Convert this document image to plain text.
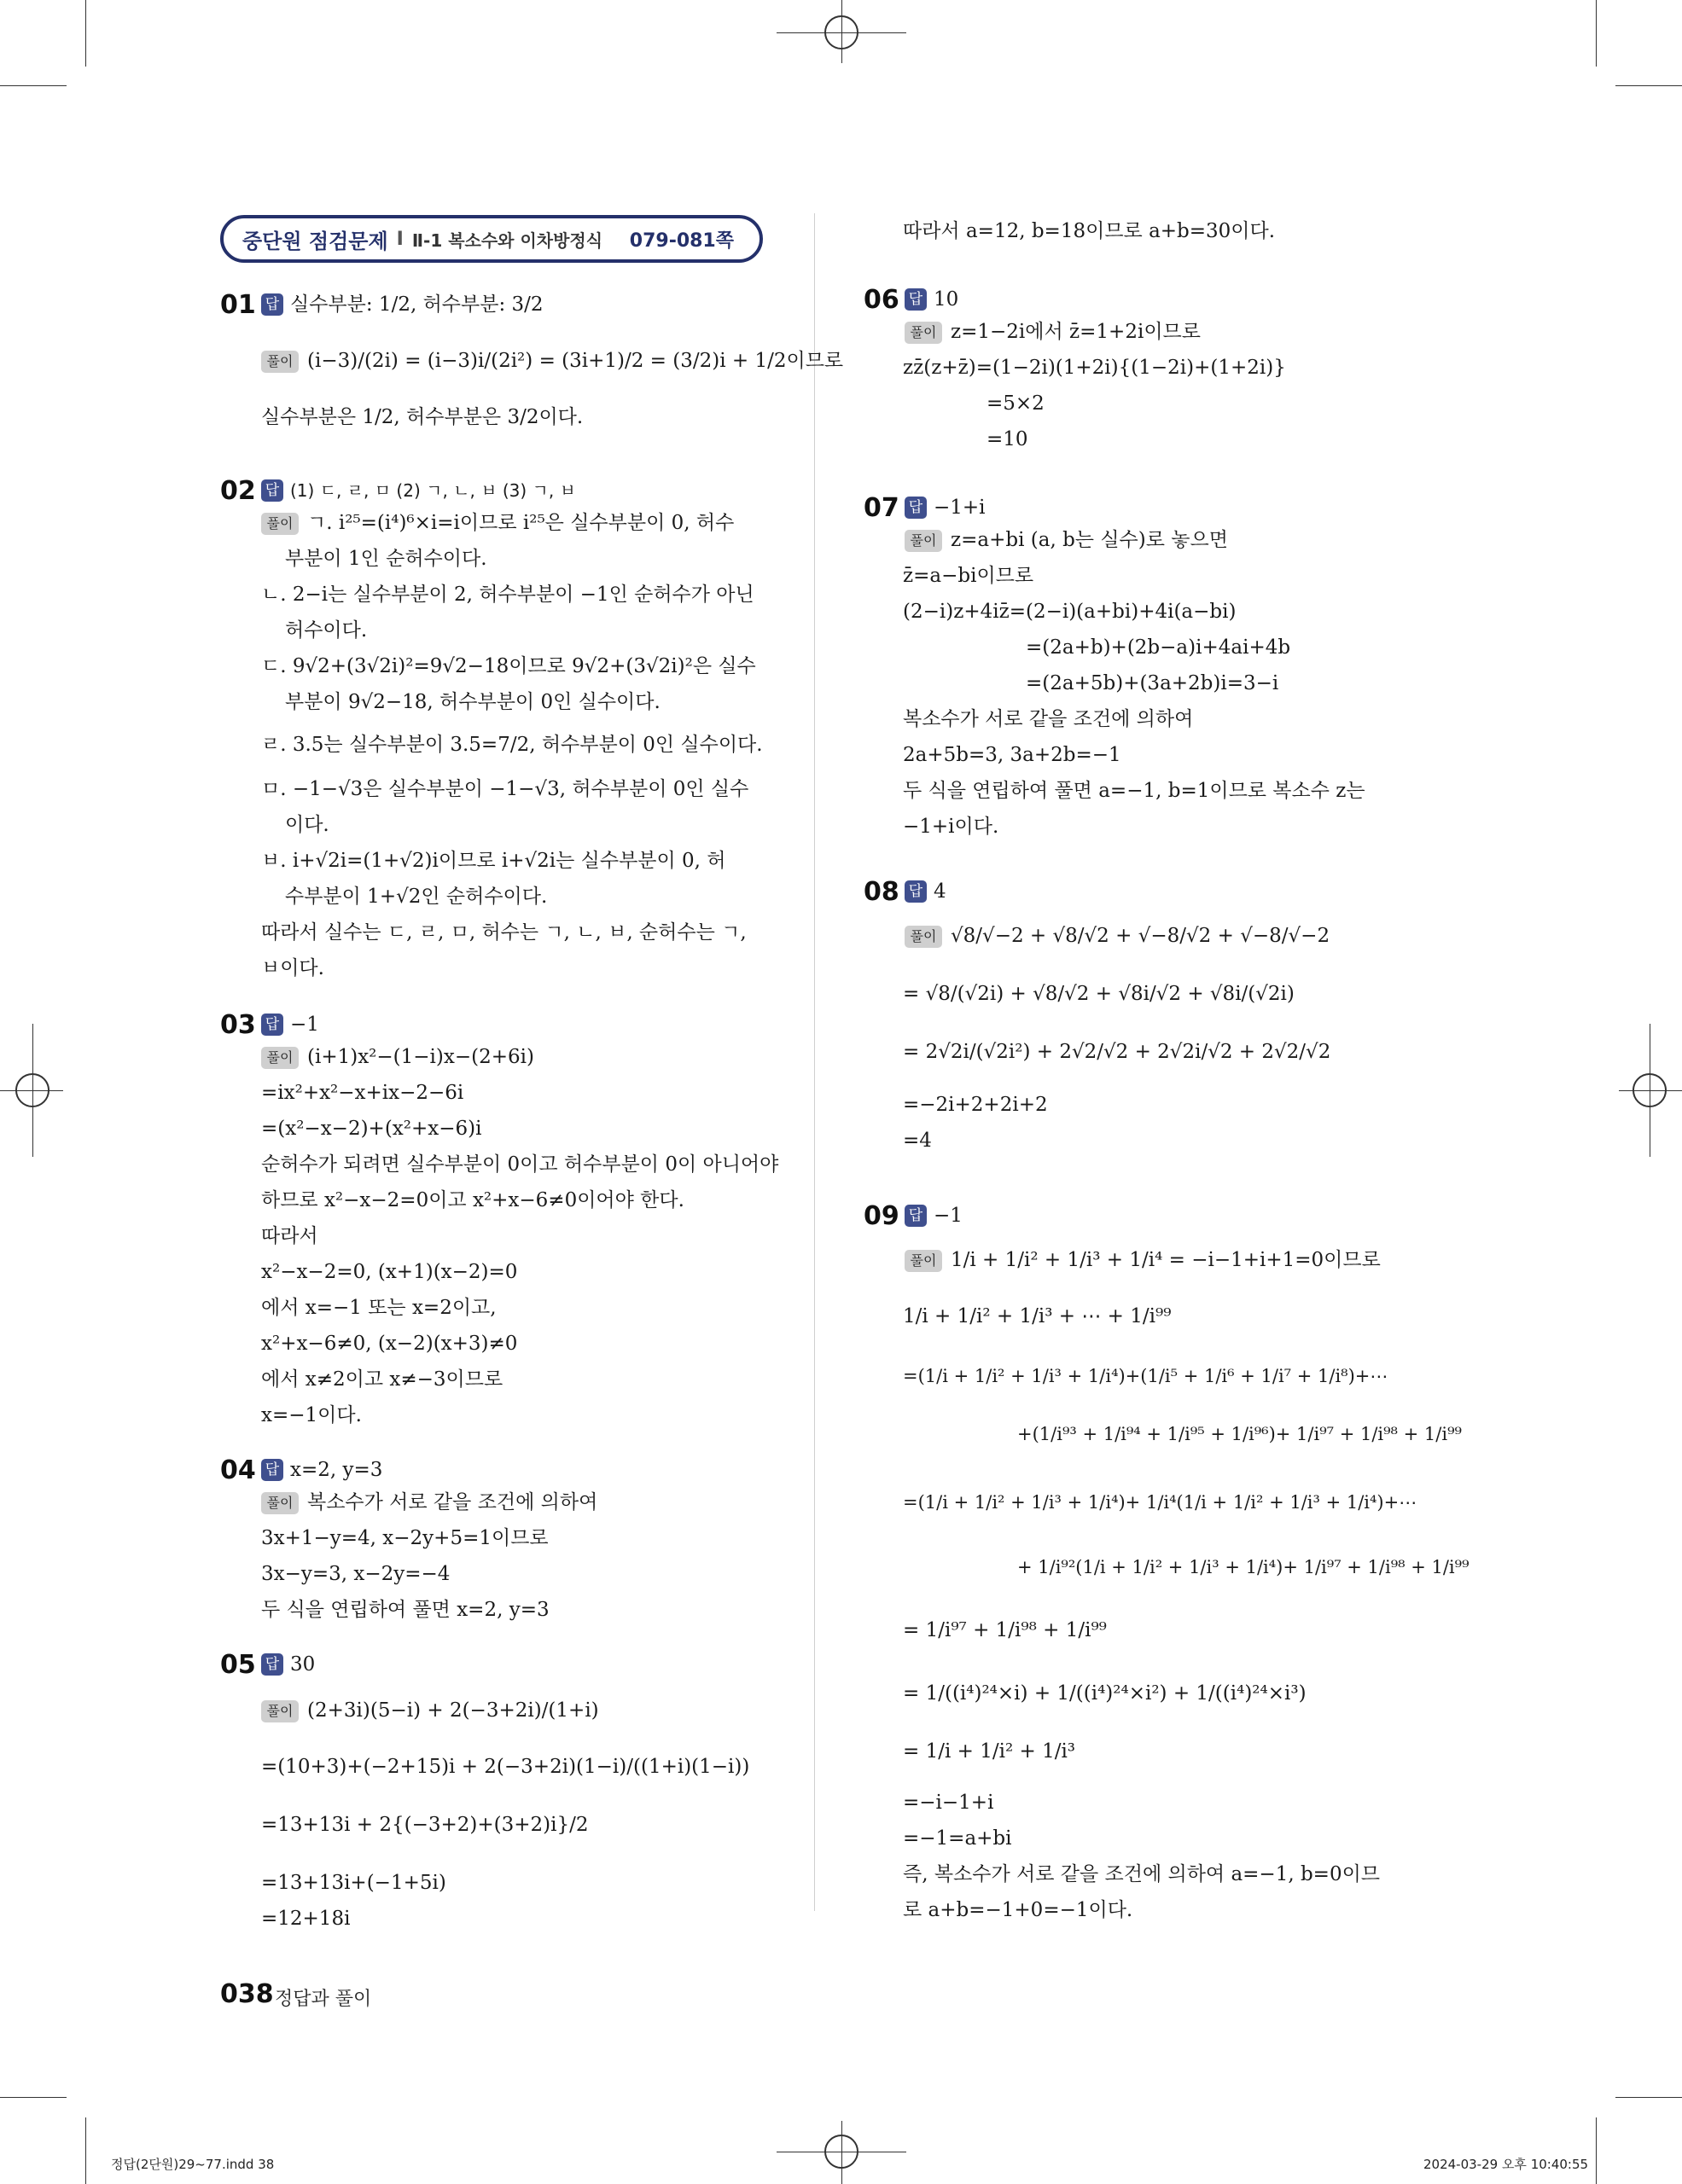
중단원 점검문제 I Ⅱ-1 복소수와 이차방정식 079-081쪽
01 답 실수부분: 1/2, 허수부분: 3/2
풀이 (i−3)/(2i) = (i−3)i/(2i²) = (3i+1)/2 = (3/2)i + 1/2이므로
실수부분은 1/2, 허수부분은 3/2이다.
02 답 (1) ㄷ, ㄹ, ㅁ (2) ㄱ, ㄴ, ㅂ (3) ㄱ, ㅂ
풀이 ㄱ. i²⁵=(i⁴)⁶×i=i이므로 i²⁵은 실수부분이 0, 허수
부분이 1인 순허수이다.
ㄴ. 2−i는 실수부분이 2, 허수부분이 −1인 순허수가 아닌
허수이다.
ㄷ. 9√2+(3√2i)²=9√2−18이므로 9√2+(3√2i)²은 실수
부분이 9√2−18, 허수부분이 0인 실수이다.
ㄹ. 3.5는 실수부분이 3.5=7/2, 허수부분이 0인 실수이다.
ㅁ. −1−√3은 실수부분이 −1−√3, 허수부분이 0인 실수
이다.
ㅂ. i+√2i=(1+√2)i이므로 i+√2i는 실수부분이 0, 허
수부분이 1+√2인 순허수이다.
따라서 실수는 ㄷ, ㄹ, ㅁ, 허수는 ㄱ, ㄴ, ㅂ, 순허수는 ㄱ,
ㅂ이다.
03 답 −1
풀이 (i+1)x²−(1−i)x−(2+6i)
=ix²+x²−x+ix−2−6i
=(x²−x−2)+(x²+x−6)i
순허수가 되려면 실수부분이 0이고 허수부분이 0이 아니어야
하므로 x²−x−2=0이고 x²+x−6≠0이어야 한다.
따라서
x²−x−2=0, (x+1)(x−2)=0
에서 x=−1 또는 x=2이고,
x²+x−6≠0, (x−2)(x+3)≠0
에서 x≠2이고 x≠−3이므로
x=−1이다.
04 답 x=2, y=3
풀이 복소수가 서로 같을 조건에 의하여
3x+1−y=4, x−2y+5=1이므로
3x−y=3, x−2y=−4
두 식을 연립하여 풀면 x=2, y=3
05 답 30
풀이 (2+3i)(5−i) + 2(−3+2i)/(1+i)
=(10+3)+(−2+15)i + 2(−3+2i)(1−i)/((1+i)(1−i))
=13+13i + 2{(−3+2)+(3+2)i}/2
=13+13i+(−1+5i)
=12+18i
따라서 a=12, b=18이므로 a+b=30이다.
06 답 10
풀이 z=1−2i에서 z̄=1+2i이므로
zz̄(z+z̄)=(1−2i)(1+2i){(1−2i)+(1+2i)}
=5×2
=10
07 답 −1+i
풀이 z=a+bi (a, b는 실수)로 놓으면
z̄=a−bi이므로
(2−i)z+4iz̄=(2−i)(a+bi)+4i(a−bi)
=(2a+b)+(2b−a)i+4ai+4b
=(2a+5b)+(3a+2b)i=3−i
복소수가 서로 같을 조건에 의하여
2a+5b=3, 3a+2b=−1
두 식을 연립하여 풀면 a=−1, b=1이므로 복소수 z는
−1+i이다.
08 답 4
풀이 √8/√−2 + √8/√2 + √−8/√2 + √−8/√−2
= √8/(√2i) + √8/√2 + √8i/√2 + √8i/(√2i)
= 2√2i/(√2i²) + 2√2/√2 + 2√2i/√2 + 2√2/√2
=−2i+2+2i+2
=4
09 답 −1
풀이 1/i + 1/i² + 1/i³ + 1/i⁴ = −i−1+i+1=0이므로
1/i + 1/i² + 1/i³ + ⋯ + 1/i⁹⁹
=(1/i + 1/i² + 1/i³ + 1/i⁴)+(1/i⁵ + 1/i⁶ + 1/i⁷ + 1/i⁸)+⋯
+(1/i⁹³ + 1/i⁹⁴ + 1/i⁹⁵ + 1/i⁹⁶)+ 1/i⁹⁷ + 1/i⁹⁸ + 1/i⁹⁹
=(1/i + 1/i² + 1/i³ + 1/i⁴)+ 1/i⁴(1/i + 1/i² + 1/i³ + 1/i⁴)+⋯
+ 1/i⁹²(1/i + 1/i² + 1/i³ + 1/i⁴)+ 1/i⁹⁷ + 1/i⁹⁸ + 1/i⁹⁹
= 1/i⁹⁷ + 1/i⁹⁸ + 1/i⁹⁹
= 1/((i⁴)²⁴×i) + 1/((i⁴)²⁴×i²) + 1/((i⁴)²⁴×i³)
= 1/i + 1/i² + 1/i³
=−i−1+i
=−1=a+bi
즉, 복소수가 서로 같을 조건에 의하여 a=−1, b=0이므
로 a+b=−1+0=−1이다.
038 정답과 풀이
정답(2단원)29~77.indd 38	2024-03-29 오후 10:40:55
